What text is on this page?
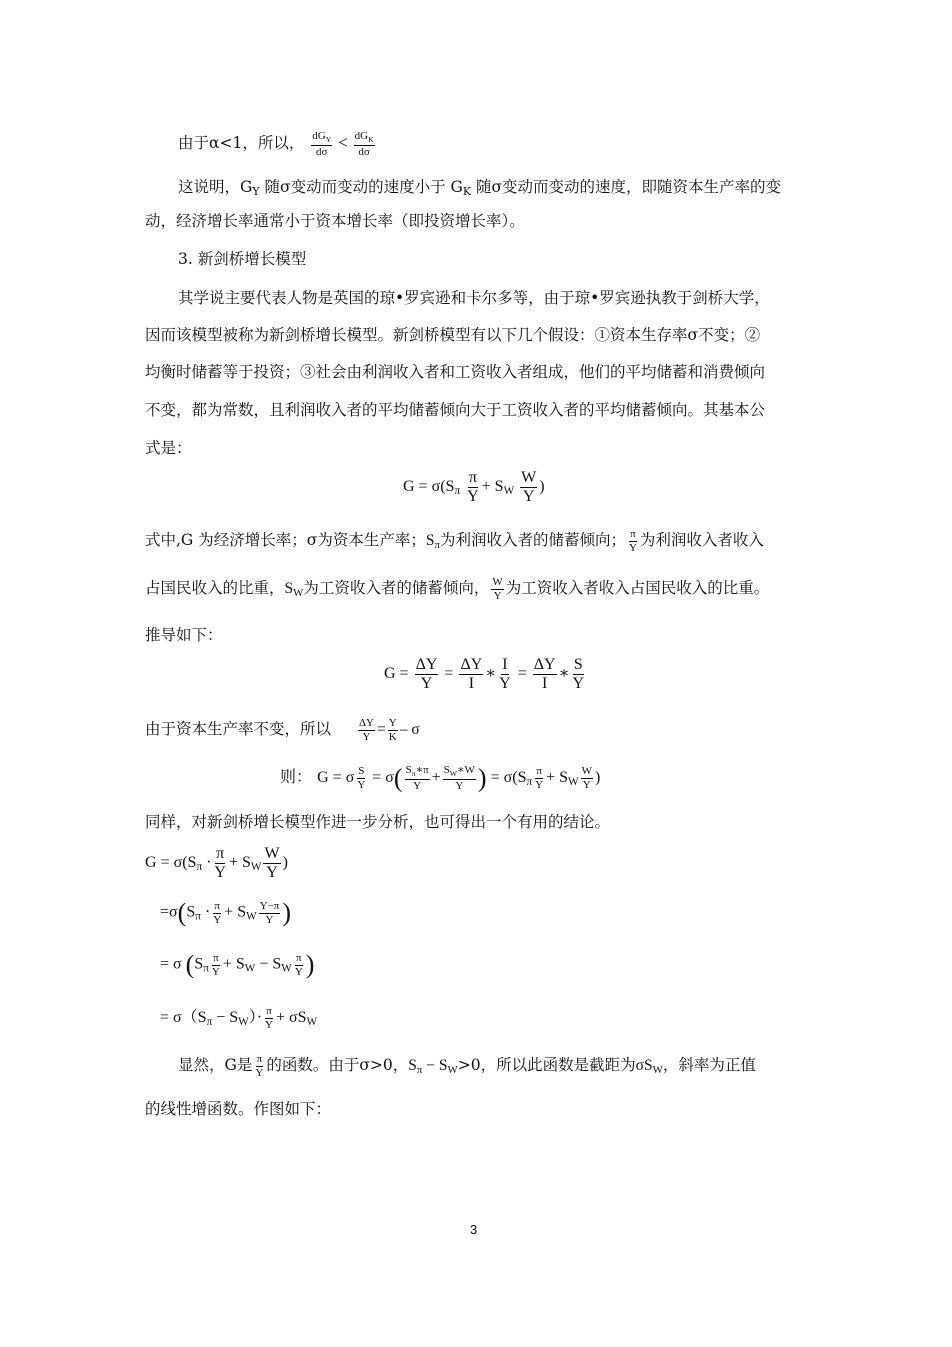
由于α<1，所以， $\frac{dG_Y}{d\sigma} < \frac{dG_K}{d\sigma}$
这说明，$G_Y$ 随σ变动而变动的速度小于 $G_K$ 随σ变动而变动的速度，即随资本生产率的变
动，经济增长率通常小于资本增长率（即投资增长率）。
3. 新剑桥增长模型
其学说主要代表人物是英国的琼•罗宾逊和卡尔多等，由于琼•罗宾逊执教于剑桥大学，
因而该模型被称为新剑桥增长模型。新剑桥模型有以下几个假设：①资本生存率σ不变；②
均衡时储蓄等于投资；③社会由利润收入者和工资收入者组成，他们的平均储蓄和消费倾向
不变，都为常数，且利润收入者的平均储蓄倾向大于工资收入者的平均储蓄倾向。其基本公
式是：
$G = \sigma(S_\pi \frac{\pi}{Y} + S_W \frac{W}{Y}$ )
式中,G 为经济增长率；σ为资本生产率；$S_\pi$为利润收入者的储蓄倾向； $\frac{\pi}{Y}$ 为利润收入者收入
占国民收入的比重，$S_W$为工资收入者的储蓄倾向， $\frac{W}{Y}$ 为工资收入者收入占国民收入的比重。
推导如下：
$G = \frac{\Delta Y}{Y} = \frac{\Delta Y}{I}$ ∗ $\frac{I}{Y} = \frac{\Delta Y}{I}$ ∗ $\frac{S}{Y}$
由于资本生产率不变，所以 $\frac{\Delta Y}{Y} = \frac{Y}{K} - \sigma$
则： G = σ $\frac{S}{Y} = \sigma( \frac{S_\pi∗\pi}{Y} + \frac{S_W∗W}{Y}$ ) = $\sigma(S_\pi \frac{\pi}{Y} + S_W \frac{W}{Y}$ )
同样，对新剑桥增长模型作进一步分析，也可得出一个有用的结论。
$G = \sigma(S_\pi \cdot \frac{\pi}{Y} + S_W \frac{W}{Y}$ )
$=\sigma(S_\pi \cdot \frac{\pi}{Y} + S_W \frac{Y-\pi}{Y}$ )
= σ ($S_\pi \frac{\pi}{Y} + S_W - S_W \frac{\pi}{Y}$ )
= $\sigma(S_\pi - S_W)\cdot \frac{\pi}{Y} + \sigma S_W$
显然，G是 $\frac{\pi}{Y}$ 的函数。由于σ>0，$S_\pi - S_W>0$，所以此函数是截距为$\sigma S_W$，斜率为正值
的线性增函数。作图如下：
3
